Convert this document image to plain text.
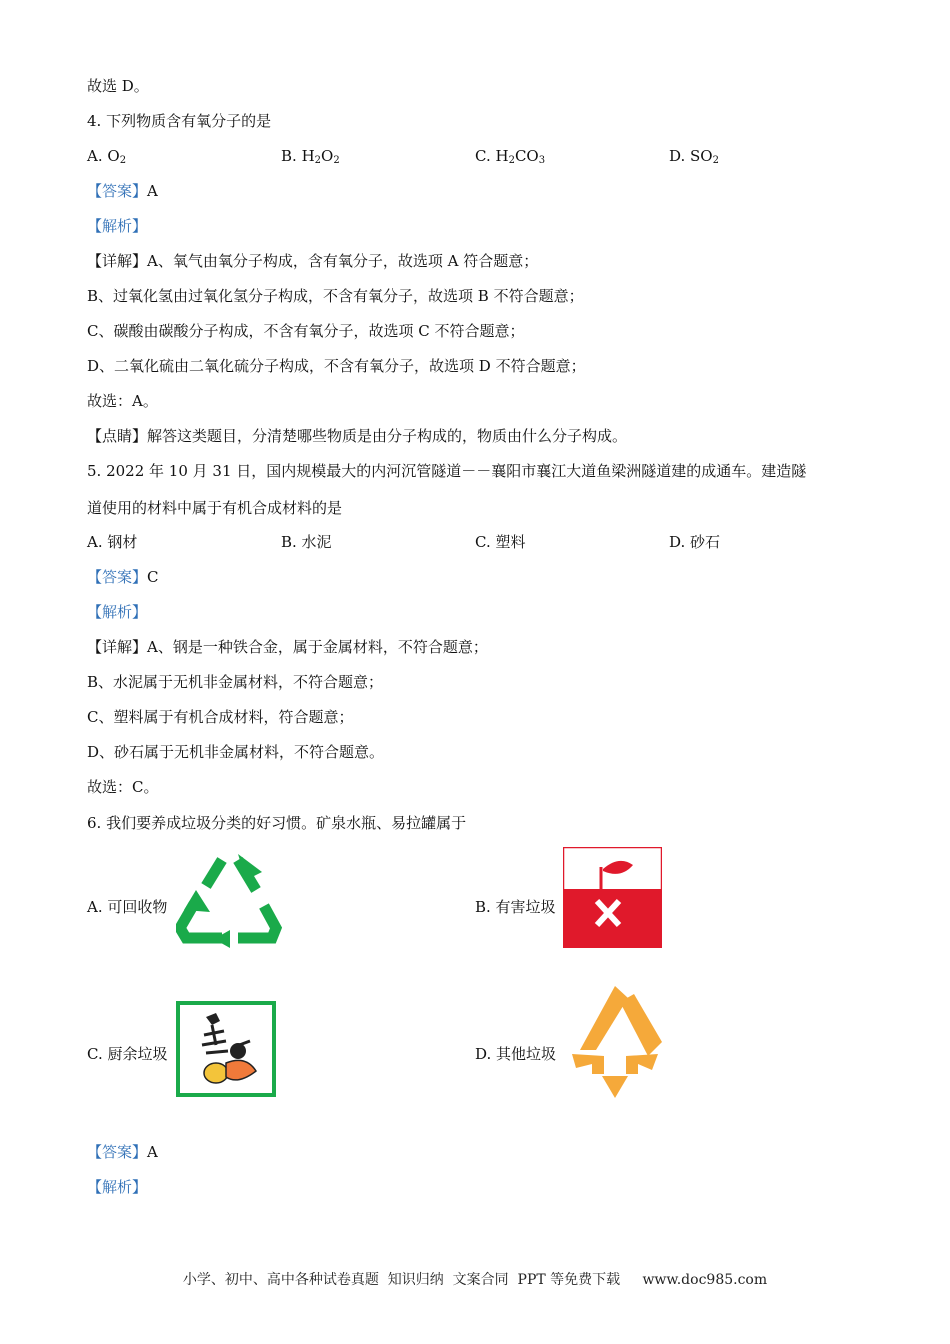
故选 D。
4. 下列物质含有氧分子的是
A. $O_2$	B. $H_2O_2$	C. $H_2CO_3$	D. $SO_2$
【答案】A
【解析】
【详解】A、氧气由氧分子构成，含有氧分子，故选项 A 符合题意；
B、过氧化氢由过氧化氢分子构成，不含有氧分子，故选项 B 不符合题意；
C、碳酸由碳酸分子构成，不含有氧分子，故选项 C 不符合题意；
D、二氧化硫由二氧化硫分子构成，不含有氧分子，故选项 D 不符合题意；
故选：A。
【点睛】解答这类题目，分清楚哪些物质是由分子构成的，物质由什么分子构成。
5. 2022 年 10 月 31 日，国内规模最大的内河沉管隧道－－襄阳市襄江大道鱼梁洲隧道建的成通车。建造隧
道使用的材料中属于有机合成材料的是
A. 钢材	B. 水泥	C. 塑料	D. 砂石
【答案】C
【解析】
【详解】A、钢是一种铁合金，属于金属材料，不符合题意；
B、水泥属于无机非金属材料，不符合题意；
C、塑料属于有机合成材料，符合题意；
D、砂石属于无机非金属材料，不符合题意。
故选：C。
6. 我们要养成垃圾分类的好习惯。矿泉水瓶、易拉罐属于
A. 可回收物	B. 有害垃圾
C. 厨余垃圾	D. 其他垃圾
【答案】A
【解析】
小学、初中、高中各种试卷真题  知识归纳  文案合同  PPT 等免费下载     www.doc985.com
